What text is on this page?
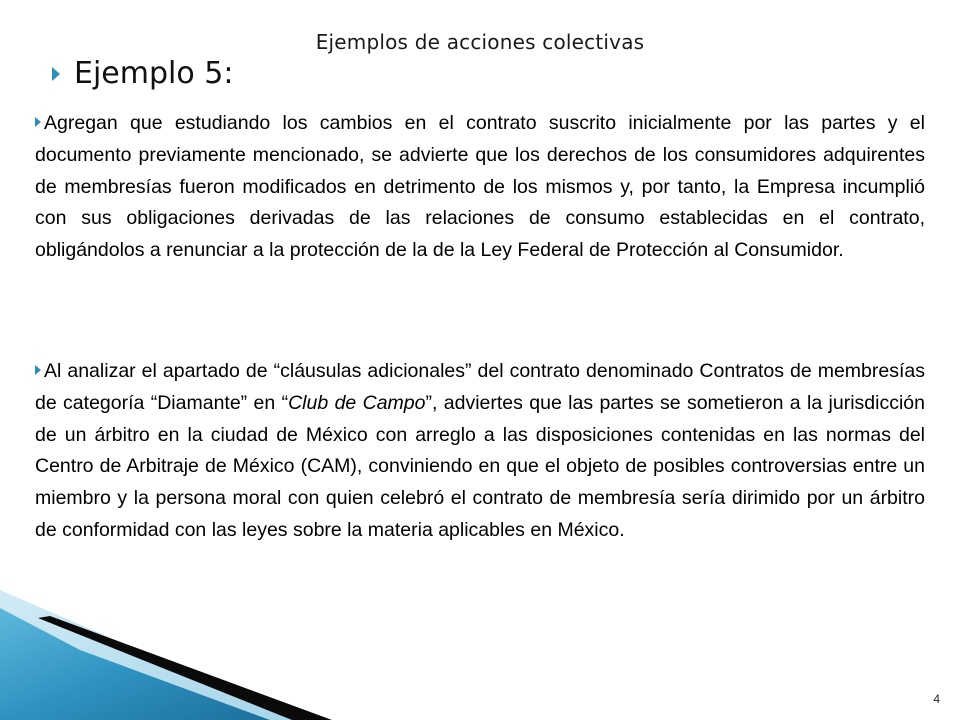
Ejemplos de acciones colectivas
Ejemplo 5:

Agregan que estudiando los cambios en el contrato suscrito inicialmente por las partes y el documento previamente mencionado, se advierte que los derechos de los consumidores adquirentes de membresías fueron modificados en detrimento de los mismos y, por tanto, la Empresa incumplió con sus obligaciones derivadas de las relaciones de consumo establecidas en el contrato, obligándolos a renunciar a la protección de la de la Ley Federal de Protección al Consumidor.

Al analizar el apartado de “cláusulas adicionales” del contrato denominado Contratos de membresías de categoría “Diamante” en “Club de Campo”, adviertes que las partes se sometieron a la jurisdicción de un árbitro en la ciudad de México con arreglo a las disposiciones contenidas en las normas del Centro de Arbitraje de México (CAM), conviniendo en que el objeto de posibles controversias entre un miembro y la persona moral con quien celebró el contrato de membresía sería dirimido por un árbitro de conformidad con las leyes sobre la materia aplicables en México.

4
